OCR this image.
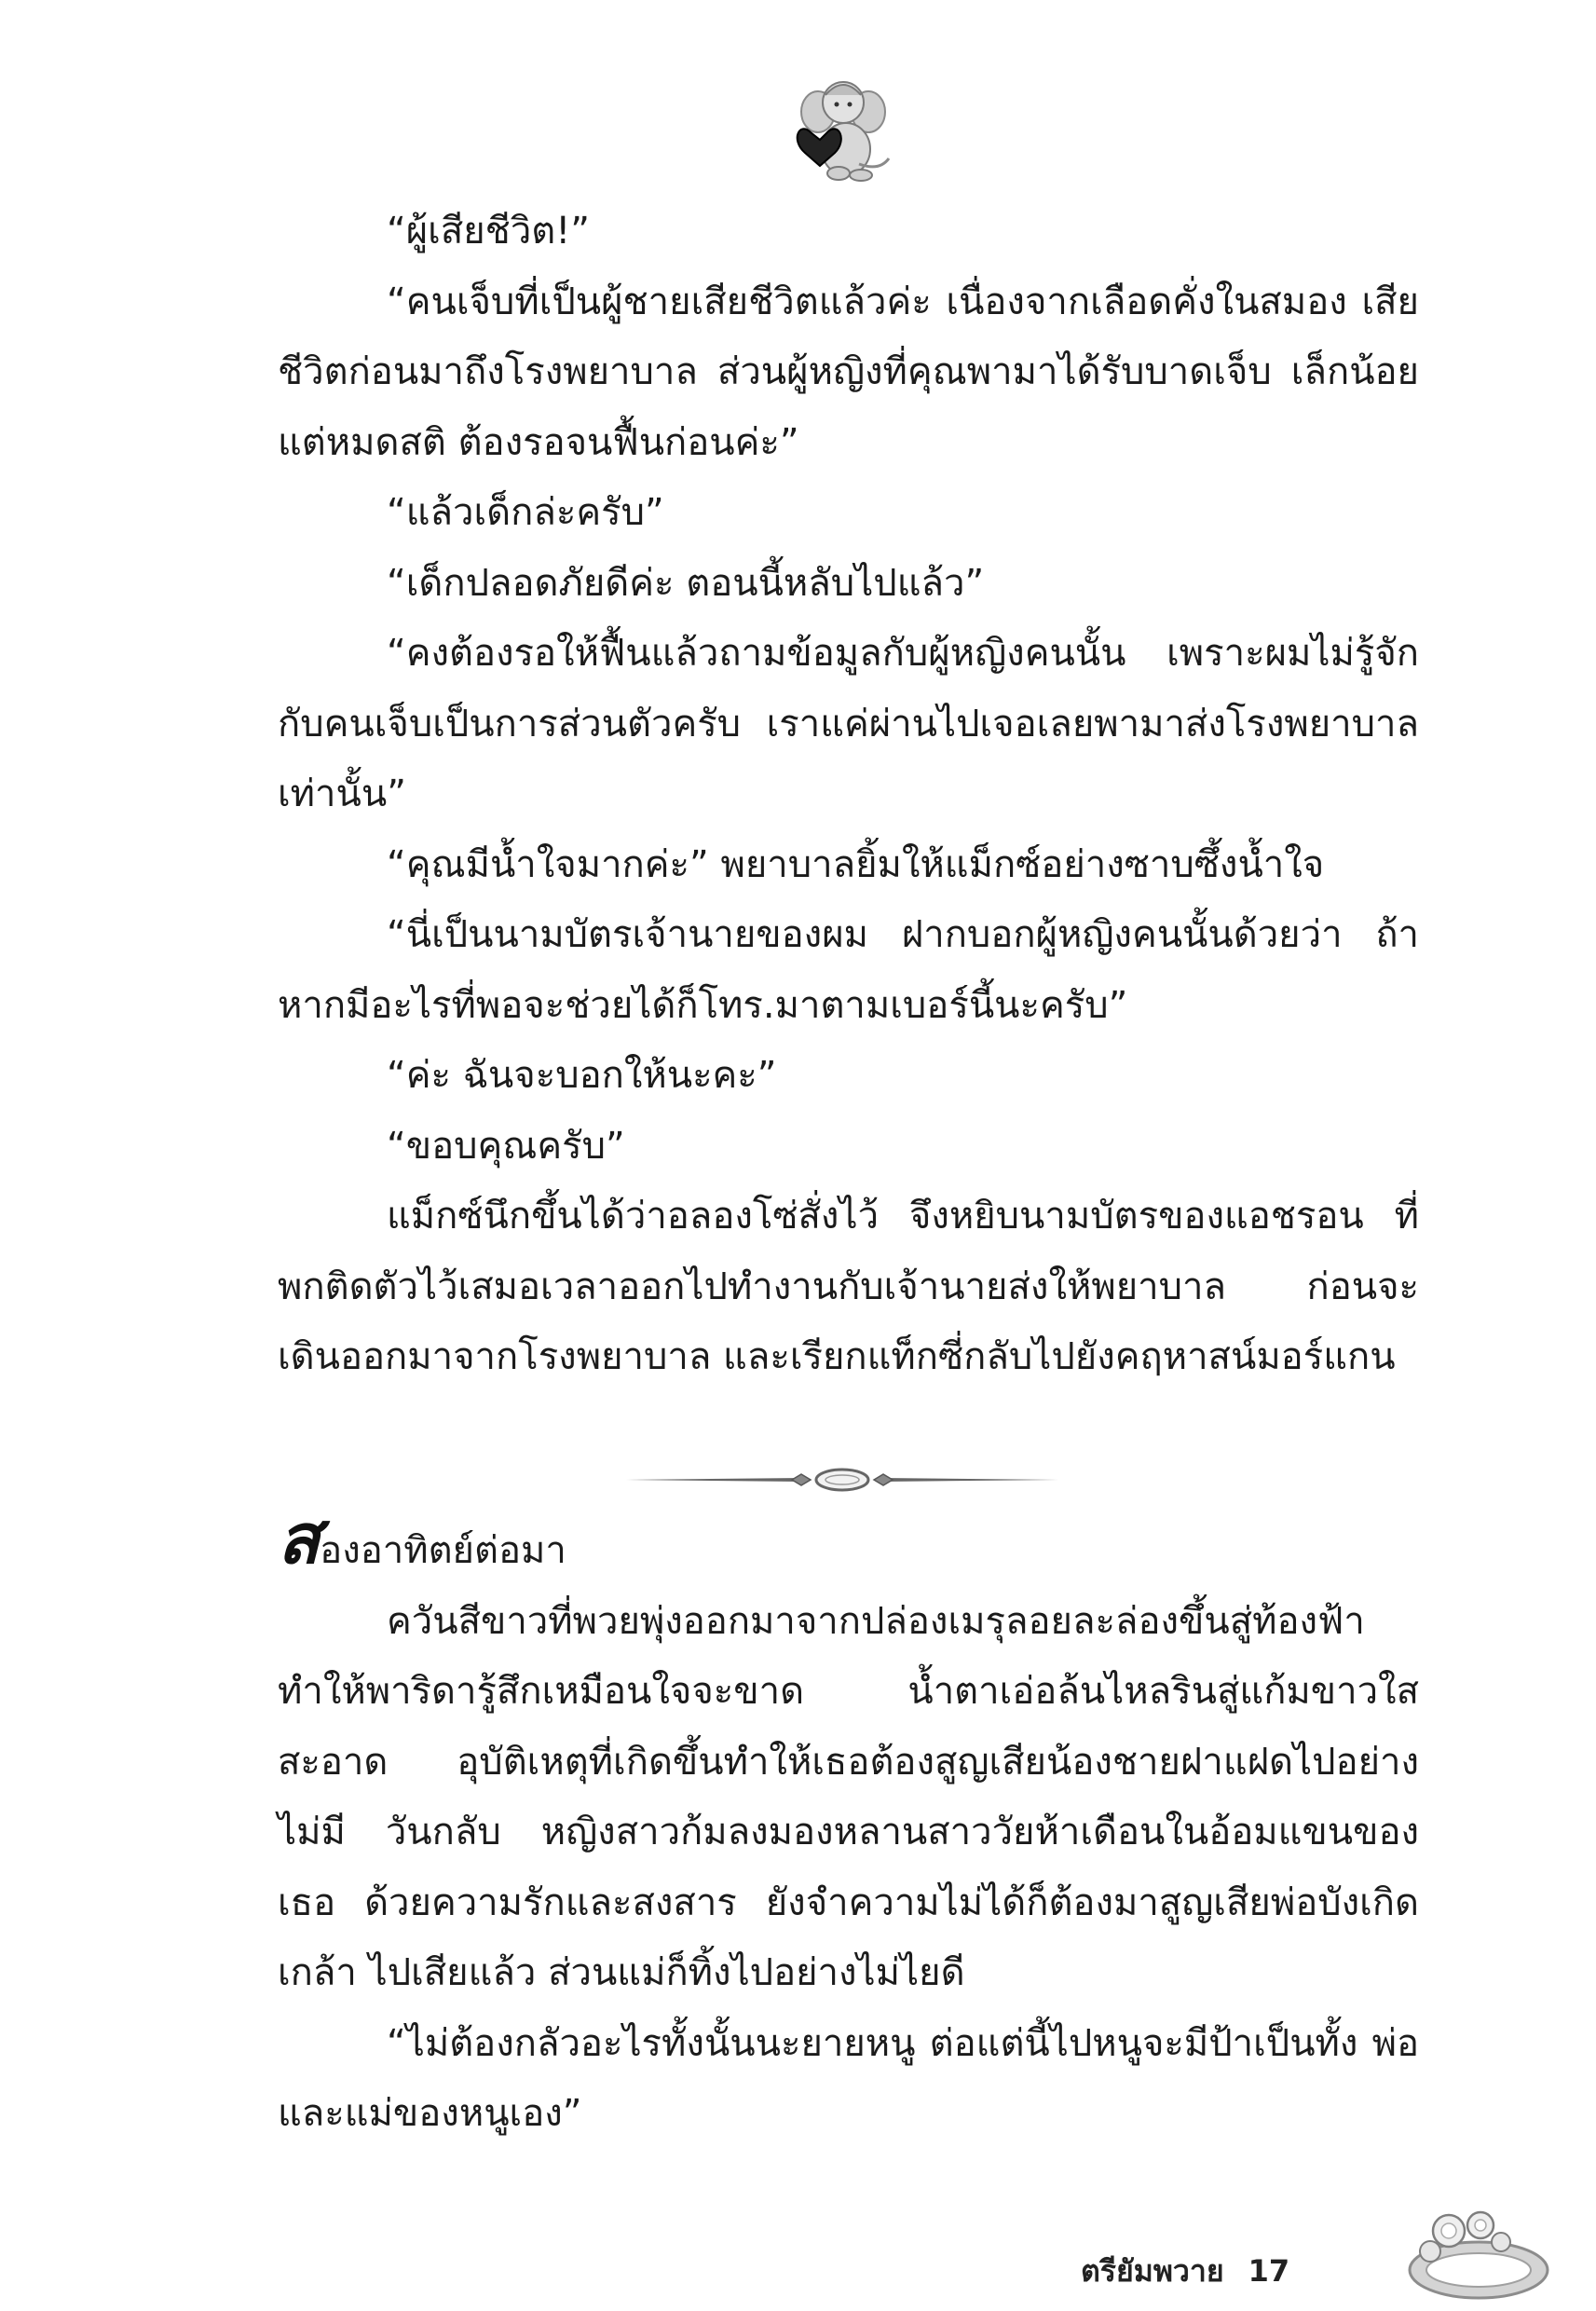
“ผู้เสียชีวิต!”

“คนเจ็บที่เป็นผู้ชายเสียชีวิตแล้วค่ะ เนื่องจากเลือดคั่งในสมอง เสียชีวิตก่อนมาถึงโรงพยาบาล ส่วนผู้หญิงที่คุณพามาได้รับบาดเจ็บ เล็กน้อย แต่หมดสติ ต้องรอจนฟื้นก่อนค่ะ”

“แล้วเด็กล่ะครับ”

“เด็กปลอดภัยดีค่ะ ตอนนี้หลับไปแล้ว”

“คงต้องรอให้ฟื้นแล้วถามข้อมูลกับผู้หญิงคนนั้น เพราะผมไม่รู้จัก กับคนเจ็บเป็นการส่วนตัวครับ เราแค่ผ่านไปเจอเลยพามาส่งโรงพยาบาล เท่านั้น”

“คุณมีน้ำใจมากค่ะ” พยาบาลยิ้มให้แม็กซ์อย่างซาบซึ้งน้ำใจ

“นี่เป็นนามบัตรเจ้านายของผม ฝากบอกผู้หญิงคนนั้นด้วยว่า ถ้าหากมีอะไรที่พอจะช่วยได้ก็โทร.มาตามเบอร์นี้นะครับ”

“ค่ะ ฉันจะบอกให้นะคะ”

“ขอบคุณครับ”

แม็กซ์นึกขึ้นได้ว่าอลองโซ่สั่งไว้ จึงหยิบนามบัตรของแอชรอน ที่พกติดตัวไว้เสมอเวลาออกไปทำงานกับเจ้านายส่งให้พยาบาล ก่อนจะ เดินออกมาจากโรงพยาบาล และเรียกแท็กซี่กลับไปยังคฤหาสน์มอร์แกน

สองอาทิตย์ต่อมา

ควันสีขาวที่พวยพุ่งออกมาจากปล่องเมรุลอยละล่องขึ้นสู่ท้องฟ้า ทำให้พาริดารู้สึกเหมือนใจจะขาด น้ำตาเอ่อล้นไหลรินสู่แก้มขาวใสสะอาด อุบัติเหตุที่เกิดขึ้นทำให้เธอต้องสูญเสียน้องชายฝาแฝดไปอย่างไม่มี วันกลับ หญิงสาวก้มลงมองหลานสาววัยห้าเดือนในอ้อมแขนของเธอ ด้วยความรักและสงสาร ยังจำความไม่ได้ก็ต้องมาสูญเสียพ่อบังเกิดเกล้า ไปเสียแล้ว ส่วนแม่ก็ทิ้งไปอย่างไม่ไยดี

“ไม่ต้องกลัวอะไรทั้งนั้นนะยายหนู ต่อแต่นี้ไปหนูจะมีป้าเป็นทั้ง พ่อและแม่ของหนูเอง”

ตรียัมพวาย 17
